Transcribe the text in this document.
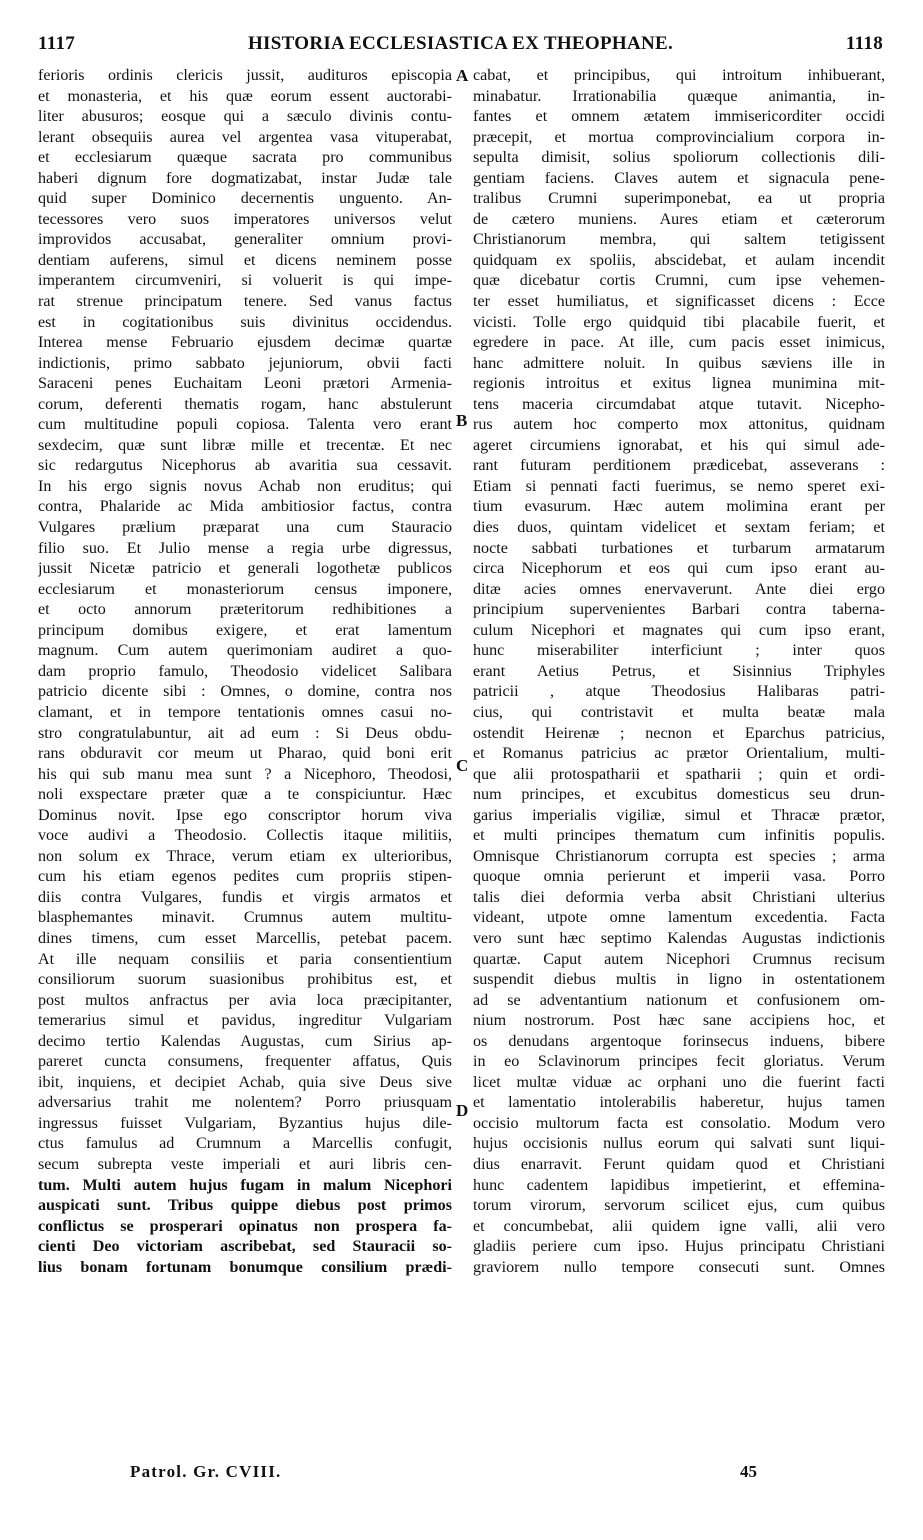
1117	HISTORIA ECCLESIASTICA EX THEOPHANE.	1118
ferioris ordinis clericis jussit, audituros episcopia
et monasteria, et his quæ eorum essent auctorabi-
liter abusuros; eosque qui a sæculo divinis contu-
lerant obsequiis aurea vel argentea vasa vituperabat,
et ecclesiarum quæque sacrata pro communibus
haberi dignum fore dogmatizabat, instar Judæ tale
quid super Dominico decernentis unguento. An-
tecessores vero suos imperatores universos velut
improvidos accusabat, generaliter omnium provi-
dentiam auferens, simul et dicens neminem posse
imperantem circumveniri, si voluerit is qui impe-
rat strenue principatum tenere. Sed vanus factus
est in cogitationibus suis divinitus occidendus.
Interea mense Februario ejusdem decimæ quartæ
indictionis, primo sabbato jejuniorum, obvii facti
Saraceni penes Euchaitam Leoni prætori Armenia-
corum, deferenti thematis rogam, hanc abstulerunt
cum multitudine populi copiosa. Talenta vero erant
sexdecim, quæ sunt libræ mille et trecentæ. Et nec
sic redargutus Nicephorus ab avaritia sua cessavit.
In his ergo signis novus Achab non eruditus; qui
contra, Phalaride ac Mida ambitiosior factus, contra
Vulgares prælium præparat una cum Stauracio
filio suo. Et Julio mense a regia urbe digressus,
jussit Nicetæ patricio et generali logothetæ publicos
ecclesiarum et monasteriorum census imponere,
et octo annorum præteritorum redhibitiones a
principum domibus exigere, et erat lamentum
magnum. Cum autem querimoniam audiret a quo-
dam proprio famulo, Theodosio videlicet Salibara
patricio dicente sibi : Omnes, o domine, contra nos
clamant, et in tempore tentationis omnes casui no-
stro congratulabuntur, ait ad eum : Si Deus obdu-
rans obduravit cor meum ut Pharao, quid boni erit
his qui sub manu mea sunt ? a Nicephoro, Theodosi,
noli exspectare præter quæ a te conspiciuntur. Hæc
Dominus novit. Ipse ego conscriptor horum viva
voce audivi a Theodosio. Collectis itaque militiis,
non solum ex Thrace, verum etiam ex ulterioribus,
cum his etiam egenos pedites cum propriis stipen-
diis contra Vulgares, fundis et virgis armatos et
blasphemantes minavit. Crumnus autem multitu-
dines timens, cum esset Marcellis, petebat pacem.
At ille nequam consiliis et paria consentientium
consiliorum suorum suasionibus prohibitus est, et
post multos anfractus per avia loca præcipitanter,
temerarius simul et pavidus, ingreditur Vulgariam
decimo tertio Kalendas Augustas, cum Sirius ap-
pareret cuncta consumens, frequenter affatus, Quis
ibit, inquiens, et decipiet Achab, quia sive Deus sive
adversarius trahit me nolentem? Porro priusquam
ingressus fuisset Vulgariam, Byzantius hujus dile-
ctus famulus ad Crumnum a Marcellis confugit,
secum subrepta veste imperiali et auri libris cen-
tum. Multi autem hujus fugam in malum Nicephori
auspicati sunt. Tribus quippe diebus post primos
conflictus se prosperari opinatus non prospera fa-
cienti Deo victoriam ascribebat, sed Stauracii so-
lius bonam fortunam bonumque consilium prædi-
cabat, et principibus, qui introitum inhibuerant,
minabatur. Irrationabilia quæque animantia, in-
fantes et omnem ætatem immisericorditer occidi
præcepit, et mortua comprovincialium corpora in-
sepulta dimisit, solius spoliorum collectionis dili-
gentiam faciens. Claves autem et signacula pene-
tralibus Crumni superimponebat, ea ut propria
de cætero muniens. Aures etiam et cæterorum
Christianorum membra, qui saltem tetigissent
quidquam ex spoliis, abscidebat, et aulam incendit
quæ dicebatur cortis Crumni, cum ipse vehemen-
ter esset humiliatus, et significasset dicens : Ecce
vicisti. Tolle ergo quidquid tibi placabile fuerit, et
egredere in pace. At ille, cum pacis esset inimicus,
hanc admittere noluit. In quibus sæviens ille in
regionis introitus et exitus lignea munimina mit-
tens maceria circumdabat atque tutavit. Nicepho-
rus autem hoc comperto mox attonitus, quidnam
ageret circumiens ignorabat, et his qui simul ade-
rant futuram perditionem prædicebat, asseverans :
Etiam si pennati facti fuerimus, se nemo speret exi-
tium evasurum. Hæc autem molimina erant per
dies duos, quintam videlicet et sextam feriam; et
nocte sabbati turbationes et turbarum armatarum
circa Nicephorum et eos qui cum ipso erant au-
ditæ acies omnes enervaverunt. Ante diei ergo
principium supervenientes Barbari contra taberna-
culum Nicephori et magnates qui cum ipso erant,
hunc miserabiliter interficiunt ; inter quos
erant Aetius Petrus, et Sisinnius Triphyles
patricii , atque Theodosius Halibaras patri-
cius, qui contristavit et multa beatæ mala
ostendit Heirenæ ; necnon et Eparchus patricius,
et Romanus patricius ac prætor Orientalium, multi-
que alii protospatharii et spatharii ; quin et ordi-
num principes, et excubitus domesticus seu drun-
garius imperialis vigiliæ, simul et Thracæ prætor,
et multi principes thematum cum infinitis populis.
Omnisque Christianorum corrupta est species ; arma
quoque omnia perierunt et imperii vasa. Porro
talis diei deformia verba absit Christiani ulterius
videant, utpote omne lamentum excedentia. Facta
vero sunt hæc septimo Kalendas Augustas indictionis
quartæ. Caput autem Nicephori Crumnus recisum
suspendit diebus multis in ligno in ostentationem
ad se adventantium nationum et confusionem om-
nium nostrorum. Post hæc sane accipiens hoc, et
os denudans argentoque forinsecus induens, bibere
in eo Sclavinorum principes fecit gloriatus. Verum
licet multæ viduæ ac orphani uno die fuerint facti
et lamentatio intolerabilis haberetur, hujus tamen
occisio multorum facta est consolatio. Modum vero
hujus occisionis nullus eorum qui salvati sunt liqui-
dius enarravit. Ferunt quidam quod et Christiani
hunc cadentem lapidibus impetierint, et effemina-
torum virorum, servorum scilicet ejus, cum quibus
et concumbebat, alii quidem igne valli, alii vero
gladiis periere cum ipso. Hujus principatu Christiani
graviorem nullo tempore consecuti sunt. Omnes
A
B
C
D
Patrol. Gr. CVIII.	45
